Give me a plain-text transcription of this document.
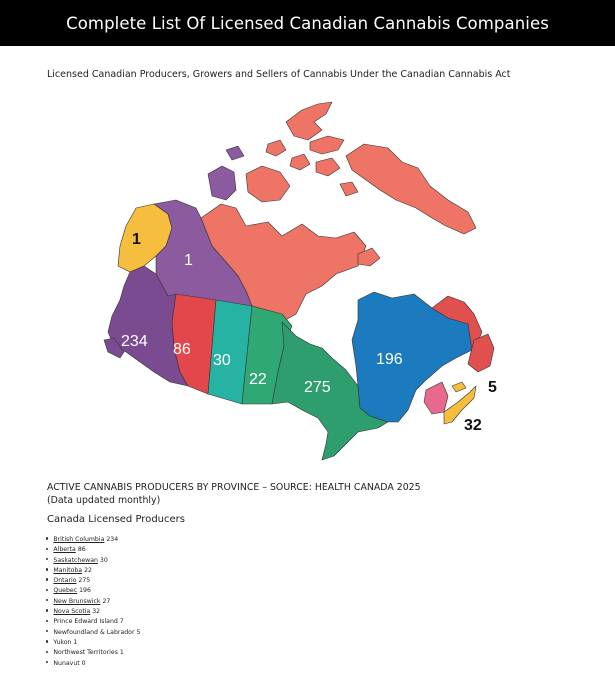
Complete List Of Licensed Canadian Cannabis Companies
Licensed Canadian Producers, Growers and Sellers of Cannabis Under the Canadian Cannabis Act
1
1
234 86
30
22 275
196
5
32
ACTIVE CANNABIS PRODUCERS BY PROVINCE – SOURCE: HEALTH CANADA 2025
(Data updated monthly)
Canada Licensed Producers
British Columbia 234
Alberta 86
Saskatchewan 30
Manitoba 22
Ontario 275
Quebec 196
New Brunswick 27
Nova Scotia 32
Prince Edward Island 7
Newfoundland & Labrador 5
Yukon 1
Northwest Territories 1
Nunavut 0
